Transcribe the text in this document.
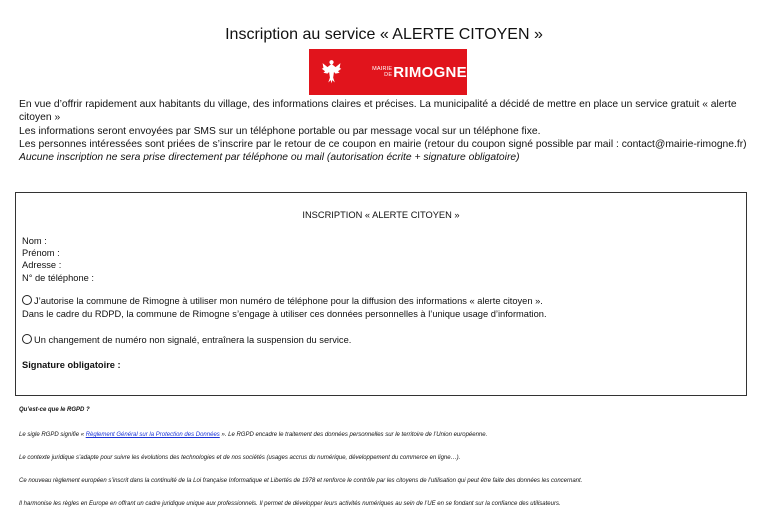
Inscription au service « ALERTE CITOYEN »
MAIRIE
DE RIMOGNE

En vue d’offrir rapidement aux habitants du village, des informations claires et précises. La municipalité a décidé de mettre en place un service gratuit « alerte citoyen »

Les informations seront envoyées par SMS sur un téléphone portable ou par message vocal sur un téléphone fixe.

Les personnes intéressées sont priées de s’inscrire par le retour de ce coupon en mairie (retour du coupon signé possible par mail : contact@mairie-rimogne.fr)

Aucune inscription ne sera prise directement par téléphone ou mail (autorisation écrite + signature obligatoire)

INSCRIPTION « ALERTE CITOYEN »
Nom :
Prénom :
Adresse :
N° de téléphone :
J’autorise la commune de Rimogne à utiliser mon numéro de téléphone pour la diffusion des informations « alerte citoyen ».
Dans le cadre du RDPD, la commune de Rimogne s’engage à utiliser ces données personnelles à l’unique usage d’information.
Un changement de numéro non signalé, entraînera la suspension du service.
Signature obligatoire :

Qu’est-ce que le RGPD ?

Le sigle RGPD signifie « Règlement Général sur la Protection des Données ». Le RGPD encadre le traitement des données personnelles sur le territoire de l’Union européenne.

Le contexte juridique s’adapte pour suivre les évolutions des technologies et de nos sociétés (usages accrus du numérique, développement du commerce en ligne…).

Ce nouveau règlement européen s’inscrit dans la continuité de la Loi française Informatique et Libertés de 1978 et renforce le contrôle par les citoyens de l’utilisation qui peut être faite des données les concernant.

Il harmonise les règles en Europe en offrant un cadre juridique unique aux professionnels. Il permet de développer leurs activités numériques au sein de l’UE en se fondant sur la confiance des utilisateurs.
